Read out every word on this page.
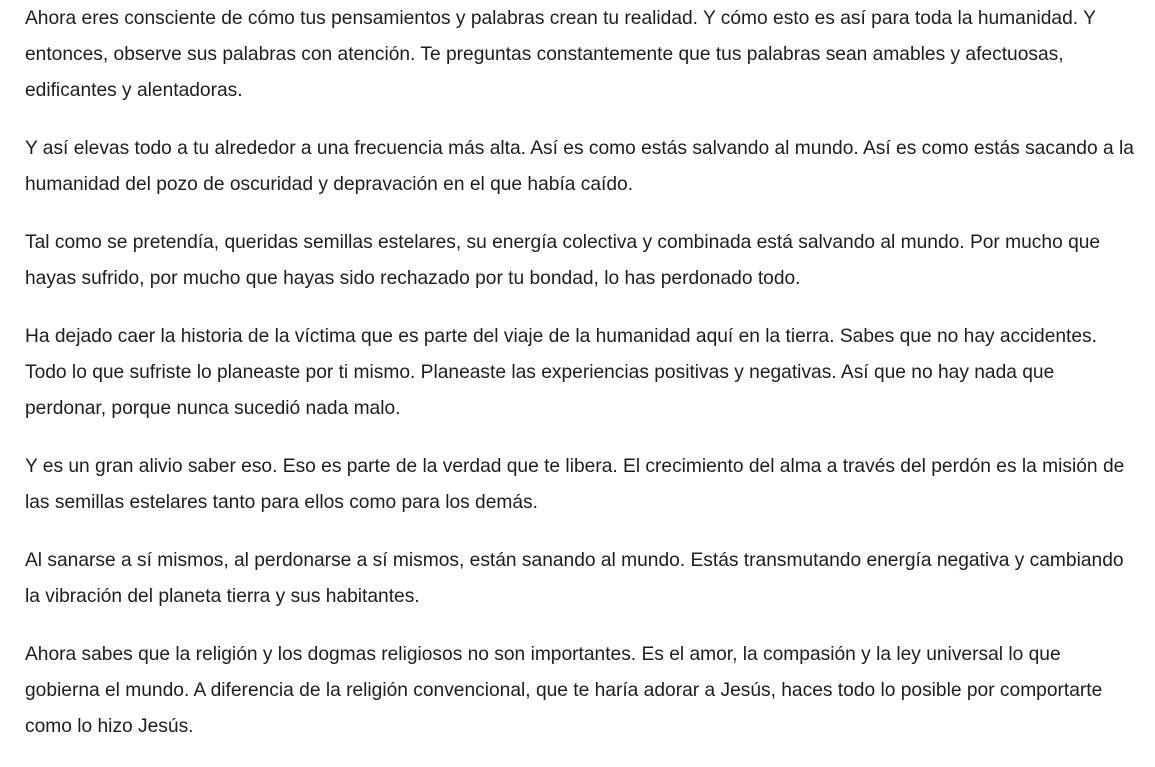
Ahora eres consciente de cómo tus pensamientos y palabras crean tu realidad. Y cómo esto es así para toda la humanidad. Y entonces, observe sus palabras con atención. Te preguntas constantemente que tus palabras sean amables y afectuosas, edificantes y alentadoras.

Y así elevas todo a tu alrededor a una frecuencia más alta. Así es como estás salvando al mundo. Así es como estás sacando a la humanidad del pozo de oscuridad y depravación en el que había caído.

Tal como se pretendía, queridas semillas estelares, su energía colectiva y combinada está salvando al mundo. Por mucho que hayas sufrido, por mucho que hayas sido rechazado por tu bondad, lo has perdonado todo.

Ha dejado caer la historia de la víctima que es parte del viaje de la humanidad aquí en la tierra. Sabes que no hay accidentes. Todo lo que sufriste lo planeaste por ti mismo. Planeaste las experiencias positivas y negativas. Así que no hay nada que perdonar, porque nunca sucedió nada malo.

Y es un gran alivio saber eso. Eso es parte de la verdad que te libera. El crecimiento del alma a través del perdón es la misión de las semillas estelares tanto para ellos como para los demás.

Al sanarse a sí mismos, al perdonarse a sí mismos, están sanando al mundo. Estás transmutando energía negativa y cambiando la vibración del planeta tierra y sus habitantes.

Ahora sabes que la religión y los dogmas religiosos no son importantes. Es el amor, la compasión y la ley universal lo que gobierna el mundo. A diferencia de la religión convencional, que te haría adorar a Jesús, haces todo lo posible por comportarte como lo hizo Jesús.
